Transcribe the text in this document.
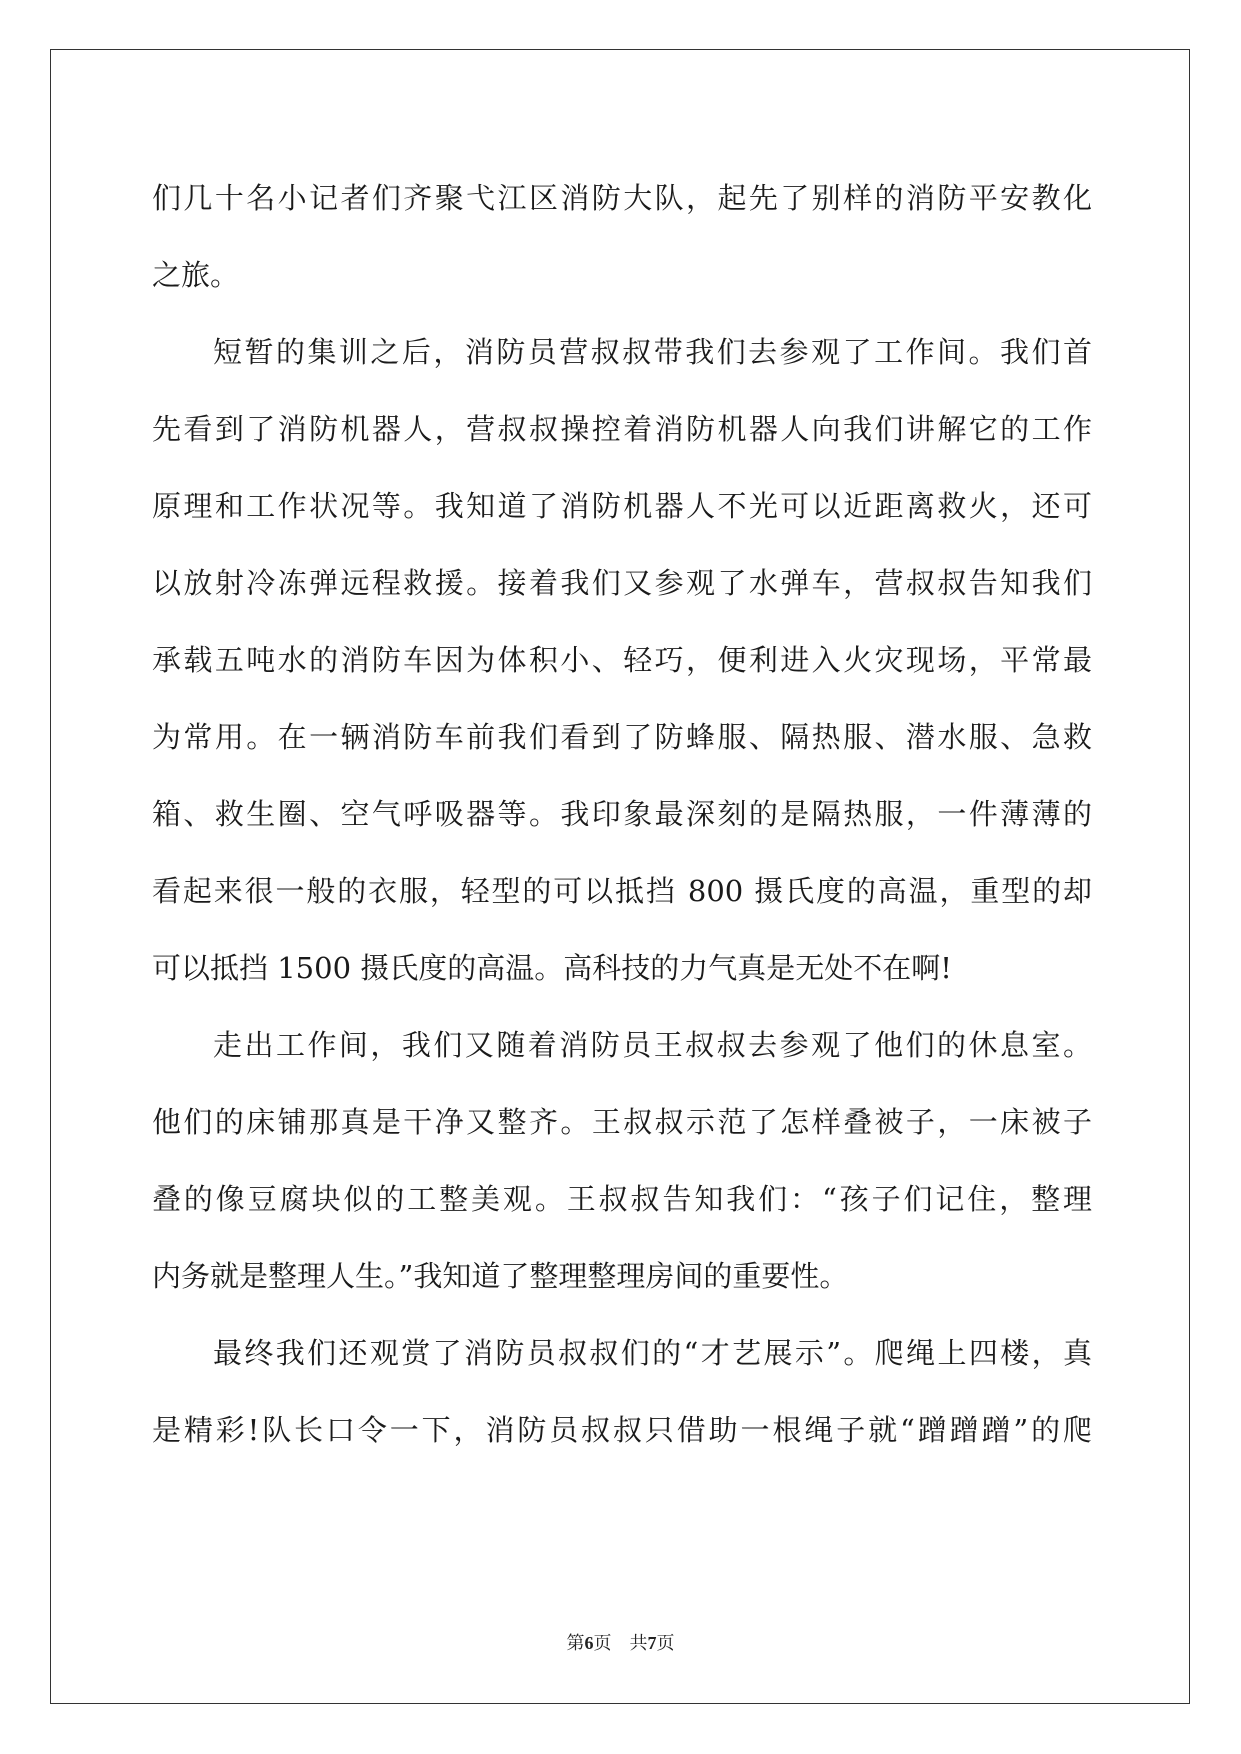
们几十名小记者们齐聚弋江区消防大队，起先了别样的消防平安教化
之旅。
短暂的集训之后，消防员营叔叔带我们去参观了工作间。我们首
先看到了消防机器人，营叔叔操控着消防机器人向我们讲解它的工作
原理和工作状况等。我知道了消防机器人不光可以近距离救火，还可
以放射冷冻弹远程救援。接着我们又参观了水弹车，营叔叔告知我们
承载五吨水的消防车因为体积小、轻巧，便利进入火灾现场，平常最
为常用。在一辆消防车前我们看到了防蜂服、隔热服、潜水服、急救
箱、救生圈、空气呼吸器等。我印象最深刻的是隔热服，一件薄薄的
看起来很一般的衣服，轻型的可以抵挡 800 摄氏度的高温，重型的却
可以抵挡 1500 摄氏度的高温。高科技的力气真是无处不在啊!
走出工作间，我们又随着消防员王叔叔去参观了他们的休息室。
他们的床铺那真是干净又整齐。王叔叔示范了怎样叠被子，一床被子
叠的像豆腐块似的工整美观。王叔叔告知我们：“孩子们记住，整理
内务就是整理人生。”我知道了整理整理房间的重要性。
最终我们还观赏了消防员叔叔们的“才艺展示”。爬绳上四楼，真
是精彩!队长口令一下，消防员叔叔只借助一根绳子就“蹭蹭蹭”的爬
第6页　共7页
